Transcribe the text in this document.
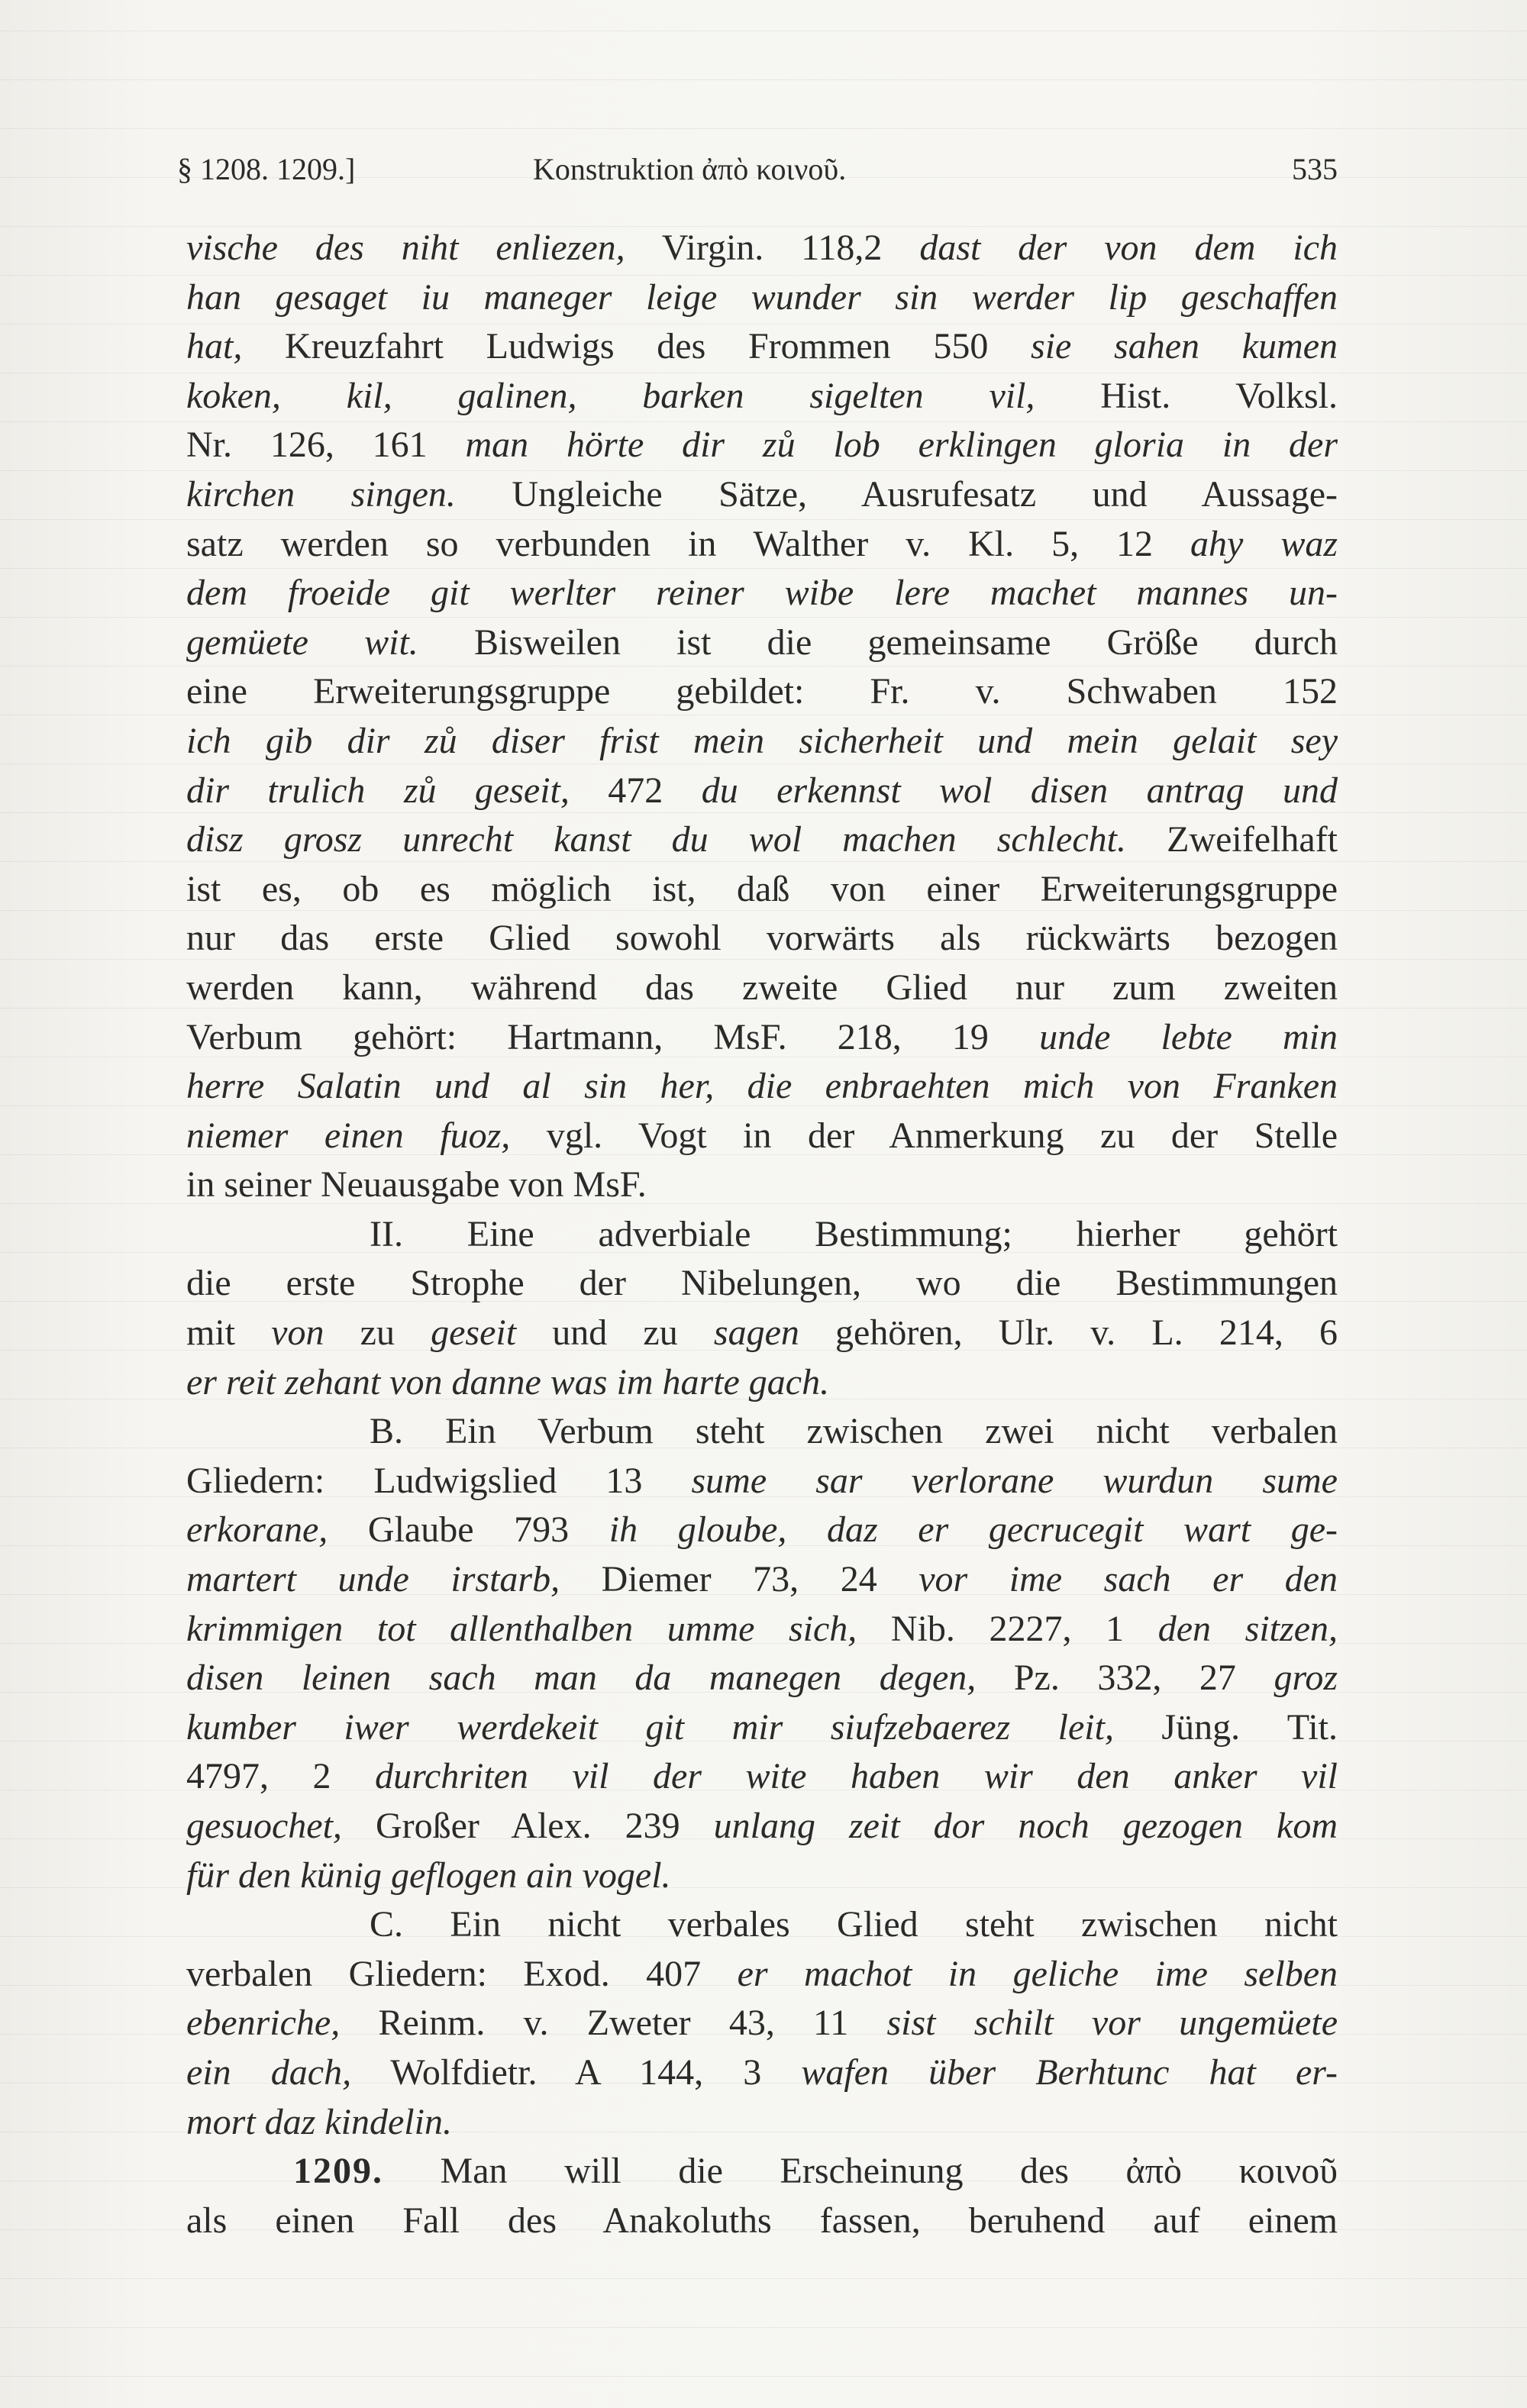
§ 1208. 1209.]	Konstruktion ἀπὸ κοινοῦ.	535
vische des niht enliezen, Virgin. 118,2 dast der von dem ich
han gesaget iu maneger leige wunder sin werder lip geschaffen
hat, Kreuzfahrt Ludwigs des Frommen 550 sie sahen kumen
koken, kil, galinen, barken sigelten vil, Hist. Volksl.
Nr. 126, 161 man hörte dir zů lob erklingen gloria in der
kirchen singen. Ungleiche Sätze, Ausrufesatz und Aussage-
satz werden so verbunden in Walther v. Kl. 5, 12 ahy waz
dem froeide git werlter reiner wibe lere machet mannes un-
gemüete wit. Bisweilen ist die gemeinsame Größe durch
eine Erweiterungsgruppe gebildet: Fr. v. Schwaben 152
ich gib dir zů diser frist mein sicherheit und mein gelait sey
dir trulich zů geseit, 472 du erkennst wol disen antrag und
disz grosz unrecht kanst du wol machen schlecht. Zweifelhaft
ist es, ob es möglich ist, daß von einer Erweiterungsgruppe
nur das erste Glied sowohl vorwärts als rückwärts bezogen
werden kann, während das zweite Glied nur zum zweiten
Verbum gehört: Hartmann, MsF. 218, 19 unde lebte min
herre Salatin und al sin her, die enbraehten mich von Franken
niemer einen fuoz, vgl. Vogt in der Anmerkung zu der Stelle
in seiner Neuausgabe von MsF.
II. Eine adverbiale Bestimmung; hierher gehört
die erste Strophe der Nibelungen, wo die Bestimmungen
mit von zu geseit und zu sagen gehören, Ulr. v. L. 214, 6
er reit zehant von danne was im harte gach.
B. Ein Verbum steht zwischen zwei nicht verbalen
Gliedern: Ludwigslied 13 sume sar verlorane wurdun sume
erkorane, Glaube 793 ih gloube, daz er gecrucegit wart ge-
martert unde irstarb, Diemer 73, 24 vor ime sach er den
krimmigen tot allenthalben umme sich, Nib. 2227, 1 den sitzen,
disen leinen sach man da manegen degen, Pz. 332, 27 groz
kumber iwer werdekeit git mir siufzebaerez leit, Jüng. Tit.
4797, 2 durchriten vil der wite haben wir den anker vil
gesuochet, Großer Alex. 239 unlang zeit dor noch gezogen kom
für den künig geflogen ain vogel.
C. Ein nicht verbales Glied steht zwischen nicht
verbalen Gliedern: Exod. 407 er machot in geliche ime selben
ebenriche, Reinm. v. Zweter 43, 11 sist schilt vor ungemüete
ein dach, Wolfdietr. A 144, 3 wafen über Berhtunc hat er-
mort daz kindelin.
1209. Man will die Erscheinung des ἀπὸ κοινοῦ
als einen Fall des Anakoluths fassen, beruhend auf einem
